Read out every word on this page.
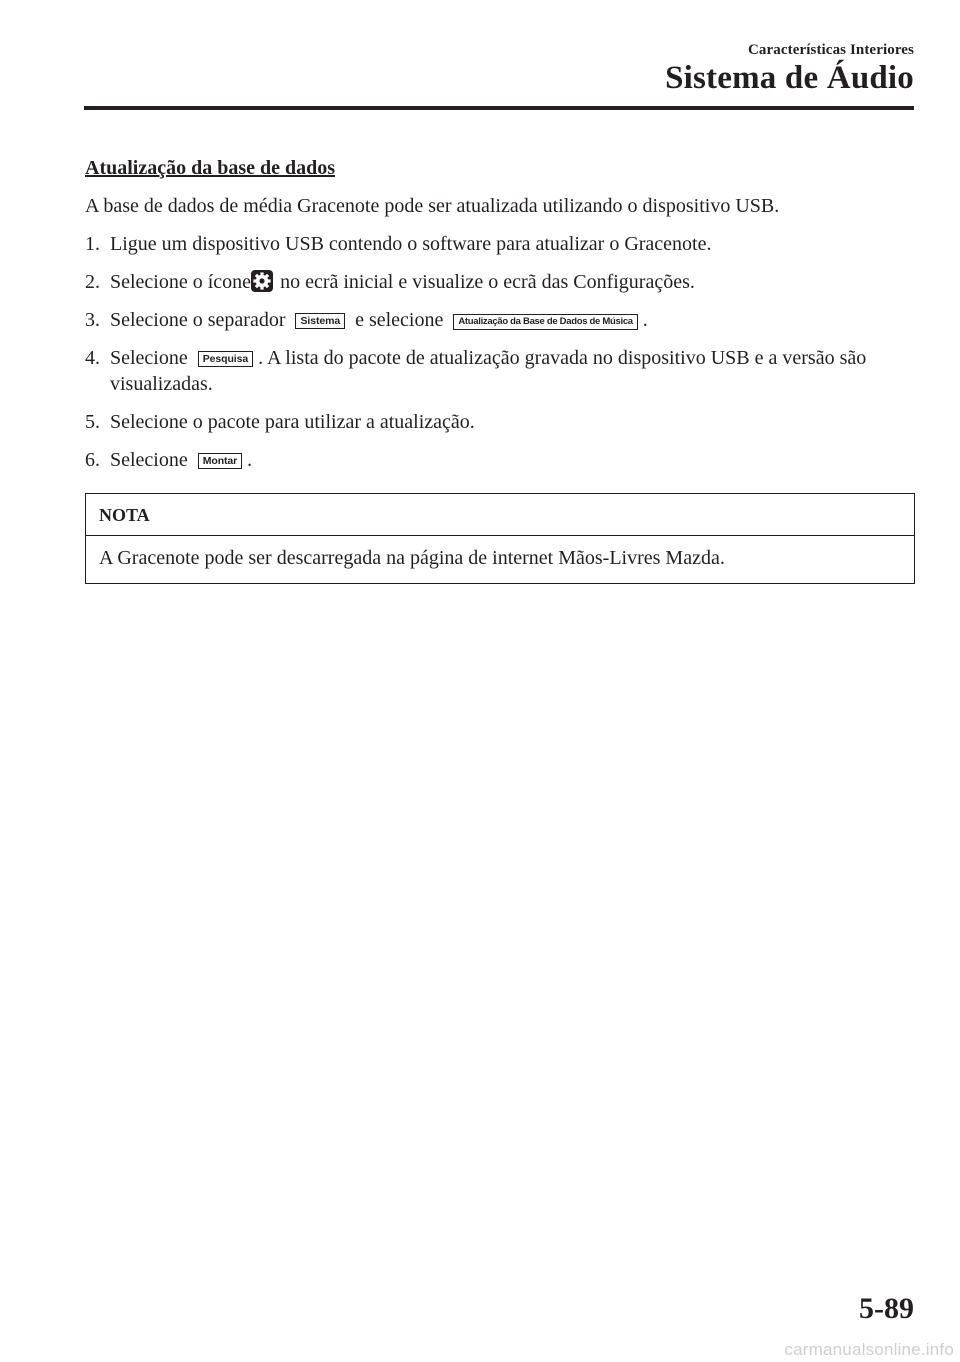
Características Interiores
Sistema de Áudio
Atualização da base de dados
A base de dados de média Gracenote pode ser atualizada utilizando o dispositivo USB.
1. Ligue um dispositivo USB contendo o software para atualizar o Gracenote.
2. Selecione o ícone no ecrã inicial e visualize o ecrã das Configurações.
3. Selecione o separador Sistema e selecione Atualização da Base de Dados de Música .
4. Selecione Pesquisa . A lista do pacote de atualização gravada no dispositivo USB e a versão são visualizadas.
5. Selecione o pacote para utilizar a atualização.
6. Selecione Montar .
NOTA
A Gracenote pode ser descarregada na página de internet Mãos-Livres Mazda.
5-89
carmanualsonline.info
